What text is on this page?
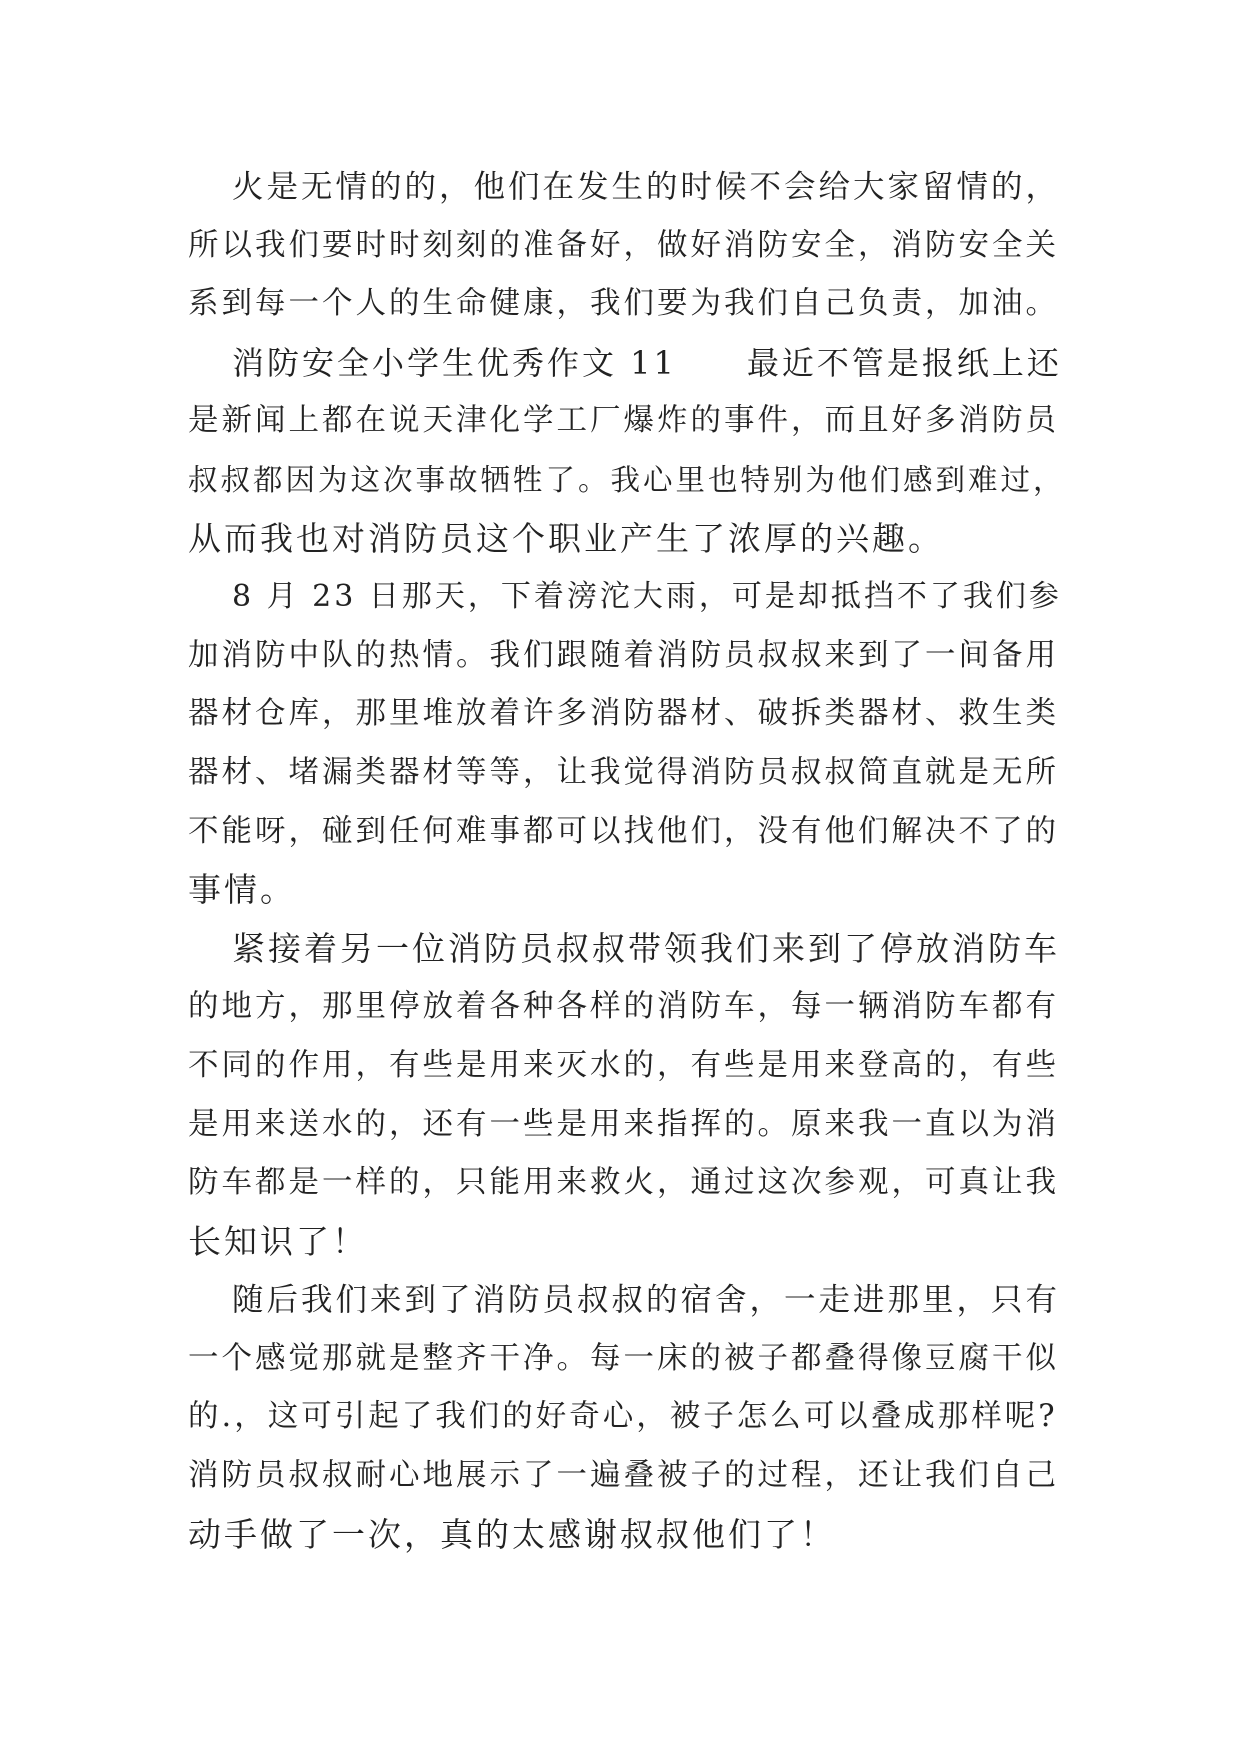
火是无情的的，他们在发生的时候不会给大家留情的，
所以我们要时时刻刻的准备好，做好消防安全，消防安全关
系到每一个人的生命健康，我们要为我们自己负责，加油。
消防安全小学生优秀作文 11　　最近不管是报纸上还
是新闻上都在说天津化学工厂爆炸的事件，而且好多消防员
叔叔都因为这次事故牺牲了。我心里也特别为他们感到难过，
从而我也对消防员这个职业产生了浓厚的兴趣。
8 月 23 日那天，下着滂沱大雨，可是却抵挡不了我们参
加消防中队的热情。我们跟随着消防员叔叔来到了一间备用
器材仓库，那里堆放着许多消防器材、破拆类器材、救生类
器材、堵漏类器材等等，让我觉得消防员叔叔简直就是无所
不能呀，碰到任何难事都可以找他们，没有他们解决不了的
事情。
紧接着另一位消防员叔叔带领我们来到了停放消防车
的地方，那里停放着各种各样的消防车，每一辆消防车都有
不同的作用，有些是用来灭水的，有些是用来登高的，有些
是用来送水的，还有一些是用来指挥的。原来我一直以为消
防车都是一样的，只能用来救火，通过这次参观，可真让我
长知识了！
随后我们来到了消防员叔叔的宿舍，一走进那里，只有
一个感觉那就是整齐干净。每一床的被子都叠得像豆腐干似
的.，这可引起了我们的好奇心，被子怎么可以叠成那样呢?
消防员叔叔耐心地展示了一遍叠被子的过程，还让我们自己
动手做了一次，真的太感谢叔叔他们了！
